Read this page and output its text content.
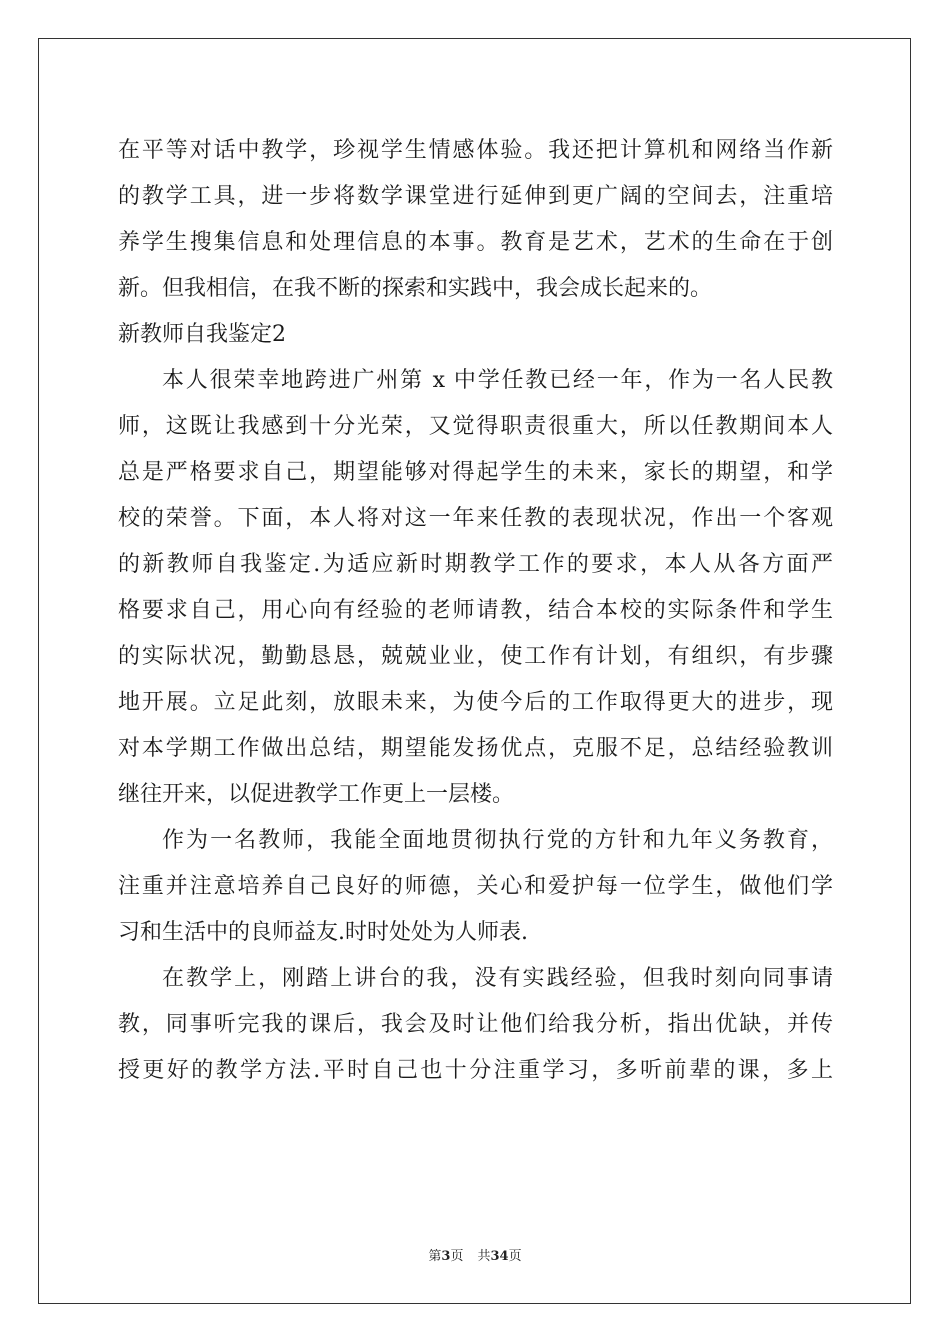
在平等对话中教学，珍视学生情感体验。我还把计算机和网络当作新
的教学工具，进一步将数学课堂进行延伸到更广阔的空间去，注重培
养学生搜集信息和处理信息的本事。教育是艺术，艺术的生命在于创
新。但我相信，在我不断的探索和实践中，我会成长起来的。
新教师自我鉴定2
本人很荣幸地跨进广州第 x 中学任教已经一年，作为一名人民教
师，这既让我感到十分光荣，又觉得职责很重大，所以任教期间本人
总是严格要求自己，期望能够对得起学生的未来，家长的期望，和学
校的荣誉。下面，本人将对这一年来任教的表现状况，作出一个客观
的新教师自我鉴定.为适应新时期教学工作的要求，本人从各方面严
格要求自己，用心向有经验的老师请教，结合本校的实际条件和学生
的实际状况，勤勤恳恳，兢兢业业，使工作有计划，有组织，有步骤
地开展。立足此刻，放眼未来，为使今后的工作取得更大的进步，现
对本学期工作做出总结，期望能发扬优点，克服不足，总结经验教训
继往开来，以促进教学工作更上一层楼。
作为一名教师，我能全面地贯彻执行党的方针和九年义务教育，
注重并注意培养自己良好的师德，关心和爱护每一位学生，做他们学
习和生活中的良师益友.时时处处为人师表.
在教学上，刚踏上讲台的我，没有实践经验，但我时刻向同事请
教，同事听完我的课后，我会及时让他们给我分析，指出优缺，并传
授更好的教学方法.平时自己也十分注重学习，多听前辈的课，多上
第3页 共34页
